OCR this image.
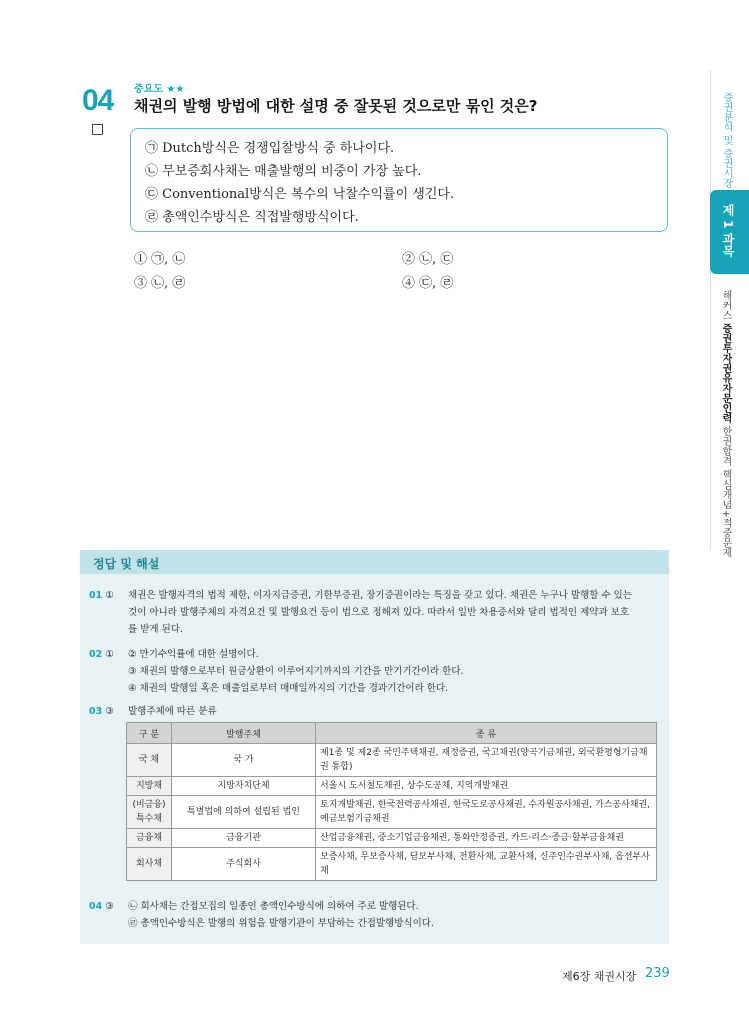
04 중요도 ★★
채권의 발행 방법에 대한 설명 중 잘못된 것으로만 묶인 것은?
㉠ Dutch방식은 경쟁입찰방식 중 하나이다.
㉡ 무보증회사채는 매출발행의 비중이 가장 높다.
㉢ Conventional방식은 복수의 낙찰수익률이 생긴다.
㉣ 총액인수방식은 직접발행방식이다.
① ㉠, ㉡	② ㉡, ㉢
③ ㉡, ㉣	④ ㉢, ㉣
증권분석 및 증권시장
제 1 과목
해커스 증권투자권유자문인력 한권합격 핵심개념+적중문제
정답 및 해설
01 ① 채권은 발행자격의 법적 제한, 이자지급증권, 기한부증권, 장기증권이라는 특징을 갖고 있다. 채권은 누구나 발행할 수 있는
것이 아니라 발행주체의 자격요건 및 발행요건 등이 법으로 정해져 있다. 따라서 일반 차용증서와 달리 법적인 제약과 보호
를 받게 된다.
02 ① ② 만기수익률에 대한 설명이다.
③ 채권의 발행으로부터 원금상환이 이루어지기까지의 기간을 만기기간이라 한다.
④ 채권의 발행일 혹은 매출일로부터 매매일까지의 기간을 경과기간이라 한다.
03 ③ 발행주체에 따른 분류
구 분	발행주체	종 류
국 채	국 가	제1종 및 제2종 국민주택채권, 재정증권, 국고채권(양곡기금채권, 외국환평형기금채권 통합)
지방채	지방자치단체	서울시 도시철도채권, 상수도공채, 지역개발채권
(비금융)특수채	특별법에 의하여 설립된 법인	토지개발채권, 한국전력공사채권, 한국도로공사채권, 수자원공사채권, 가스공사채권, 예금보험기금채권
금융채	금융기관	산업금융채권, 중소기업금융채권, 통화안정증권, 카드·리스·종금·할부금융채권
회사채	주식회사	보증사채, 무보증사채, 담보부사채, 전환사채, 교환사채, 신주인수권부사채, 옵션부사채
04 ③ ㉡ 회사채는 간접모집의 일종인 총액인수방식에 의하여 주로 발행된다.
㉣ 총액인수방식은 발행의 위험을 발행기관이 부담하는 간접발행방식이다.
제6장 채권시장 239
